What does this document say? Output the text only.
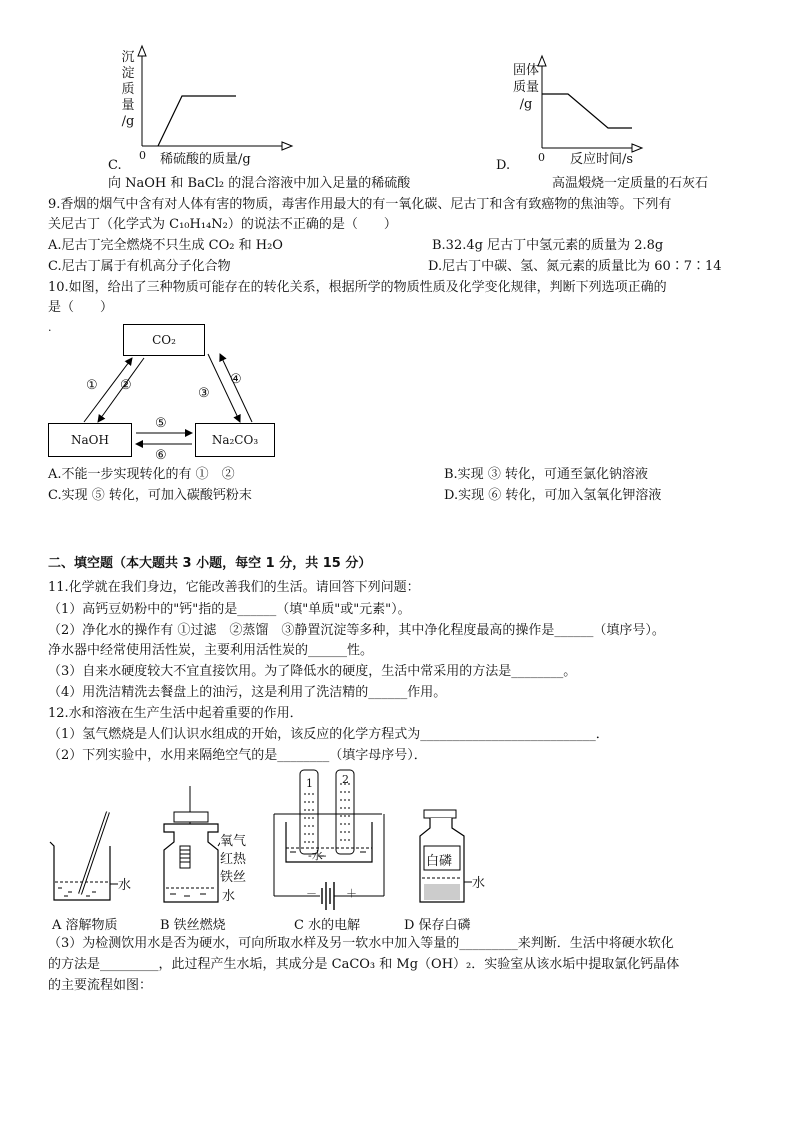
沉
淀
质
量
/g
0 稀硫酸的质量/g
C.
向 NaOH 和 BaCl₂ 的混合溶液中加入足量的稀硫酸
固体
质量
/g
0 反应时间/s
D.
高温煅烧一定质量的石灰石
9.香烟的烟气中含有对人体有害的物质，毒害作用最大的有一氧化碳、尼古丁和含有致癌物的焦油等。下列有
关尼古丁（化学式为 C₁₀H₁₄N₂）的说法不正确的是（　　）
A.尼古丁完全燃烧不只生成 CO₂ 和 H₂O	B.32.4g 尼古丁中氢元素的质量为 2.8g
C.尼古丁属于有机高分子化合物	D.尼古丁中碳、氢、氮元素的质量比为 60∶7∶14
10.如图，给出了三种物质可能存在的转化关系，根据所学的物质性质及化学变化规律，判断下列选项正确的
是（　　）
.
CO₂
NaOH	Na₂CO₃
① ②
③
④
⑤
⑥
A.不能一步实现转化的有 ①　②	B.实现 ③ 转化，可通至氯化钠溶液
C.实现 ⑤ 转化，可加入碳酸钙粉末	D.实现 ⑥ 转化，可加入氢氧化钾溶液
二、填空题（本大题共 3 小题，每空 1 分，共 15 分）
11.化学就在我们身边，它能改善我们的生活。请回答下列问题：
（1）高钙豆奶粉中的"钙"指的是______（填"单质"或"元素"）。
（2）净化水的操作有 ①过滤　②蒸馏　③静置沉淀等多种，其中净化程度最高的操作是______（填序号）。
净水器中经常使用活性炭，主要利用活性炭的______性。
（3）自来水硬度较大不宜直接饮用。为了降低水的硬度，生活中常采用的方法是________。
（4）用洗洁精洗去餐盘上的油污，这是利用了洗洁精的______作用。
12.水和溶液在生产生活中起着重要的作用．
（1）氢气燃烧是人们认识水组成的开始，该反应的化学方程式为___________________________．
（2）下列实验中，水用来隔绝空气的是________（填字母序号）．
水
氧气
红热
铁丝
水
1	2
-水-
－	＋
白磷
水
A 溶解物质	B 铁丝燃烧	C 水的电解	D 保存白磷
（3）为检测饮用水是否为硬水，可向所取水样及另一软水中加入等量的_________来判断．生活中将硬水软化
的方法是_________，此过程产生水垢，其成分是 CaCO₃ 和 Mg（OH）₂．实验室从该水垢中提取氯化钙晶体
的主要流程如图：
